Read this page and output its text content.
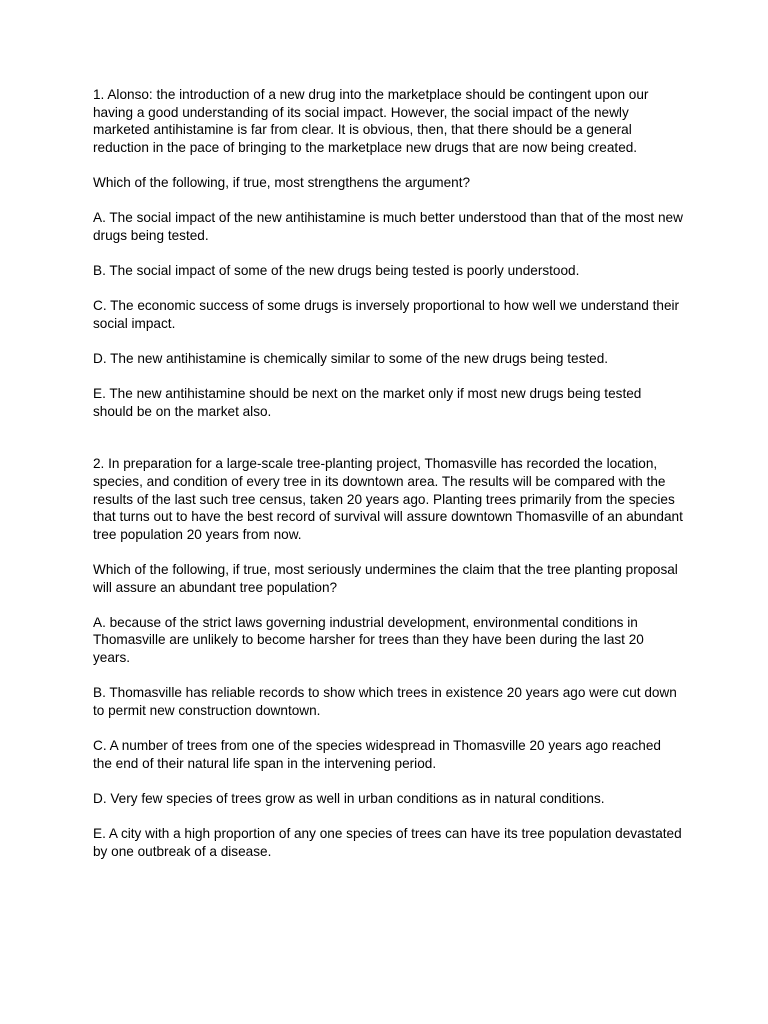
1. Alonso: the introduction of a new drug into the marketplace should be contingent upon our having a good understanding of its social impact. However, the social impact of the newly marketed antihistamine is far from clear. It is obvious, then, that there should be a general reduction in the pace of bringing to the marketplace new drugs that are now being created.

Which of the following, if true, most strengthens the argument?

A. The social impact of the new antihistamine is much better understood than that of the most new drugs being tested.

B. The social impact of some of the new drugs being tested is poorly understood.

C. The economic success of some drugs is inversely proportional to how well we understand their social impact.

D. The new antihistamine is chemically similar to some of the new drugs being tested.

E. The new antihistamine should be next on the market only if most new drugs being tested should be on the market also.

2. In preparation for a large-scale tree-planting project, Thomasville has recorded the location, species, and condition of every tree in its downtown area. The results will be compared with the results of the last such tree census, taken 20 years ago. Planting trees primarily from the species that turns out to have the best record of survival will assure downtown Thomasville of an abundant tree population 20 years from now.

Which of the following, if true, most seriously undermines the claim that the tree planting proposal will assure an abundant tree population?

A. because of the strict laws governing industrial development, environmental conditions in Thomasville are unlikely to become harsher for trees than they have been during the last 20 years.

B. Thomasville has reliable records to show which trees in existence 20 years ago were cut down to permit new construction downtown.

C. A number of trees from one of the species widespread in Thomasville 20 years ago reached the end of their natural life span in the intervening period.

D. Very few species of trees grow as well in urban conditions as in natural conditions.

E. A city with a high proportion of any one species of trees can have its tree population devastated by one outbreak of a disease.
